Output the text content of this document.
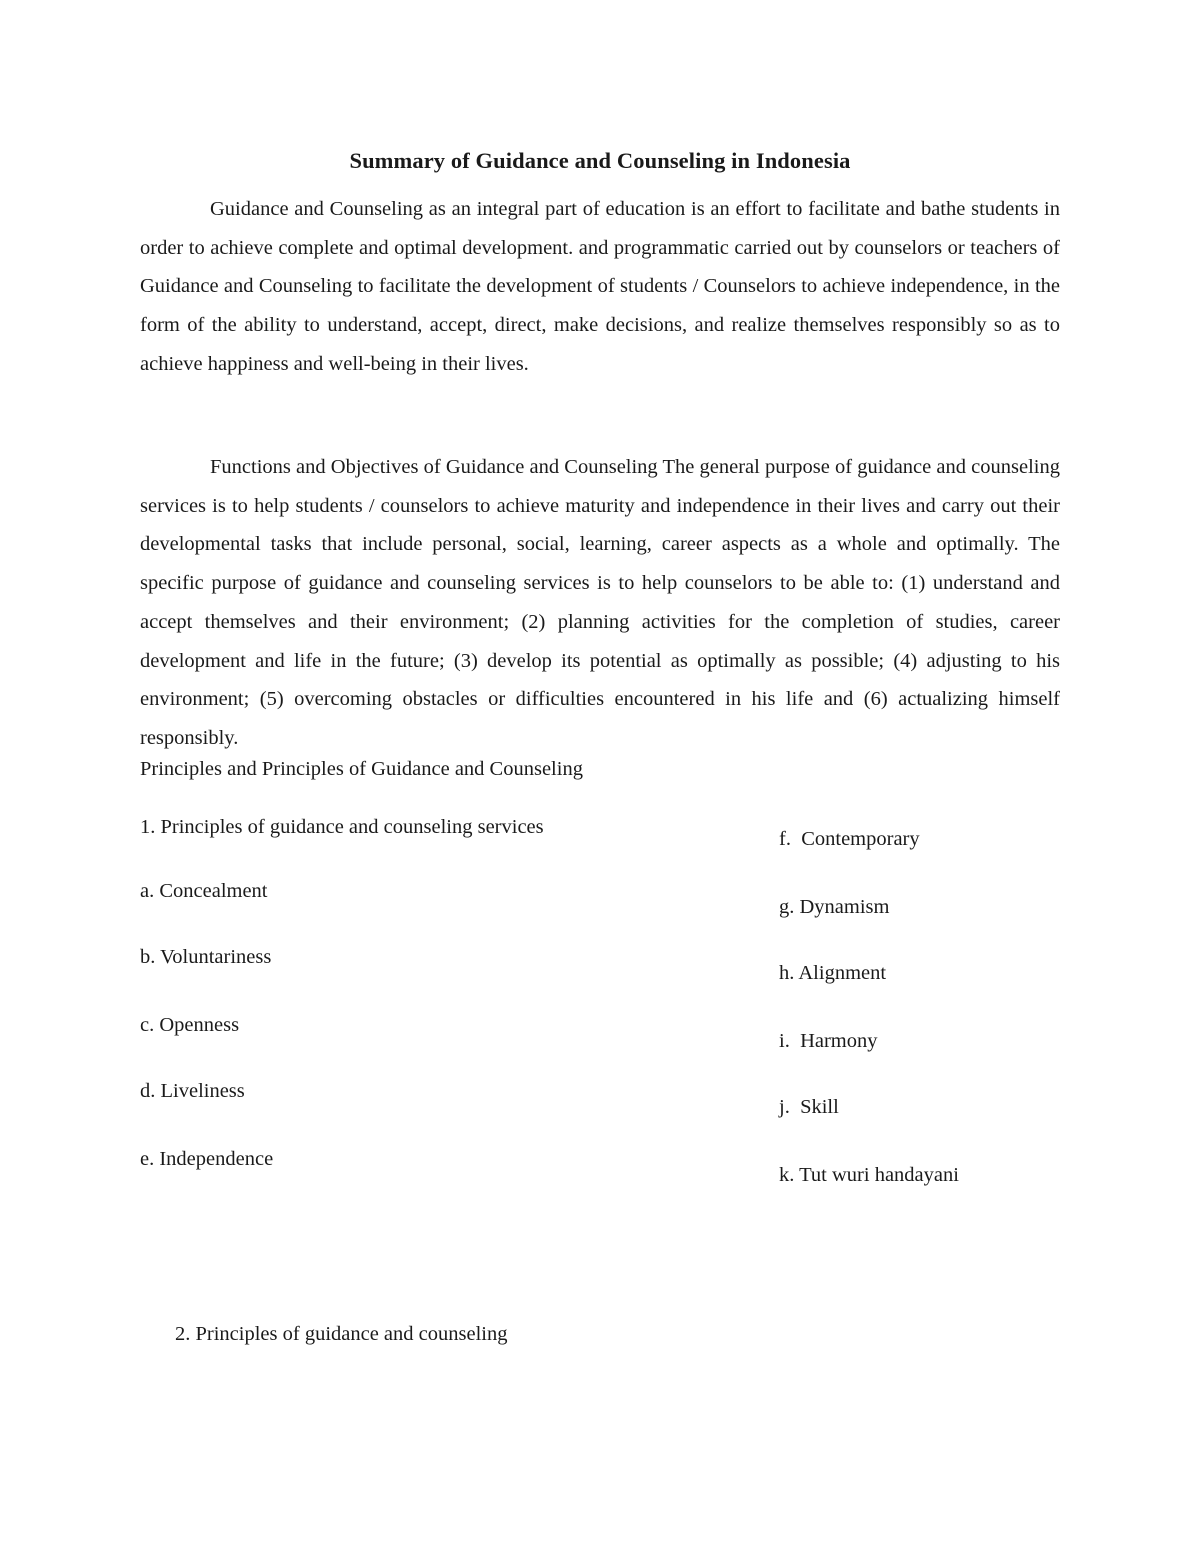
Summary of Guidance and Counseling in Indonesia

Guidance and Counseling as an integral part of education is an effort to facilitate and bathe students in order to achieve complete and optimal development. and programmatic carried out by counselors or teachers of Guidance and Counseling to facilitate the development of students / Counselors to achieve independence, in the form of the ability to understand, accept, direct, make decisions, and realize themselves responsibly so as to achieve happiness and well-being in their lives.

Functions and Objectives of Guidance and Counseling The general purpose of guidance and counseling services is to help students / counselors to achieve maturity and independence in their lives and carry out their developmental tasks that include personal, social, learning, career aspects as a whole and optimally. The specific purpose of guidance and counseling services is to help counselors to be able to: (1) understand and accept themselves and their environment; (2) planning activities for the completion of studies, career development and life in the future; (3) develop its potential as optimally as possible; (4) adjusting to his environment; (5) overcoming obstacles or difficulties encountered in his life and (6) actualizing himself responsibly.

Principles and Principles of Guidance and Counseling
1. Principles of guidance and counseling services
a. Concealment
b. Voluntariness
c. Openness
d. Liveliness
e. Independence
f.  Contemporary
g. Dynamism
h. Alignment
i.  Harmony
j.  Skill
k. Tut wuri handayani
2. Principles of guidance and counseling
